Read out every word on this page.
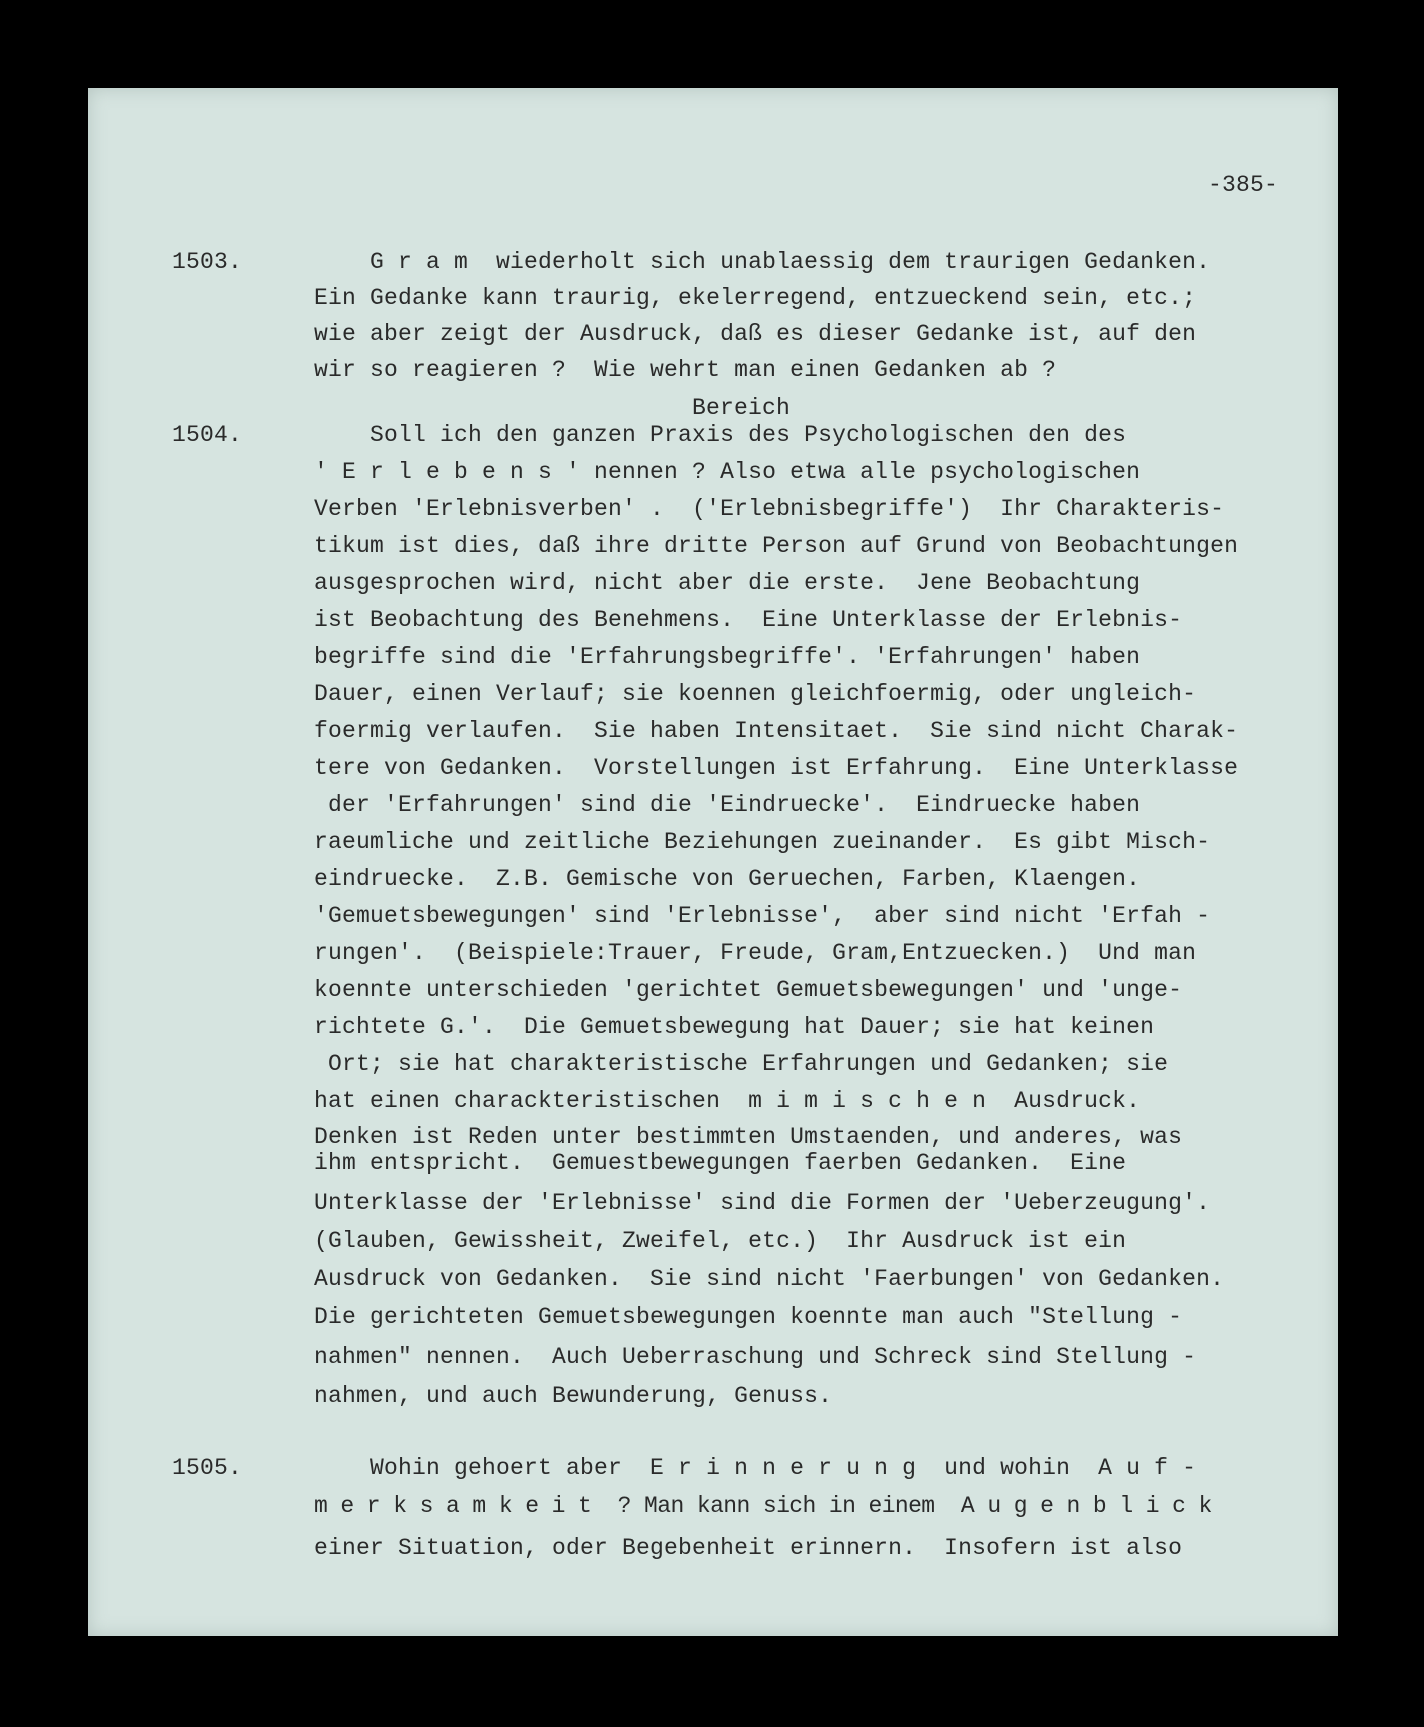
-385-
1503.	G r a m  wiederholt sich unablaessig dem traurigen Gedanken.
Ein Gedanke kann traurig, ekelerregend, entzueckend sein, etc.;
wie aber zeigt der Ausdruck, daß es dieser Gedanke ist, auf den
wir so reagieren ?  Wie wehrt man einen Gedanken ab ?
Bereich
1504.	Soll ich den ganzen Praxis des Psychologischen den des
' E r l e b e n s ' nennen ? Also etwa alle psychologischen
Verben 'Erlebnisverben' .  ('Erlebnisbegriffe')  Ihr Charakteris-
tikum ist dies, daß ihre dritte Person auf Grund von Beobachtungen
ausgesprochen wird, nicht aber die erste.  Jene Beobachtung
ist Beobachtung des Benehmens.  Eine Unterklasse der Erlebnis-
begriffe sind die 'Erfahrungsbegriffe'. 'Erfahrungen' haben
Dauer, einen Verlauf; sie koennen gleichfoermig, oder ungleich-
foermig verlaufen.  Sie haben Intensitaet.  Sie sind nicht Charak-
tere von Gedanken.  Vorstellungen ist Erfahrung.  Eine Unterklasse
der 'Erfahrungen' sind die 'Eindruecke'.  Eindruecke haben
raeumliche und zeitliche Beziehungen zueinander.  Es gibt Misch-
eindruecke.  Z.B. Gemische von Geruechen, Farben, Klaengen.
'Gemuetsbewegungen' sind 'Erlebnisse',  aber sind nicht 'Erfah -
rungen'.  (Beispiele:Trauer, Freude, Gram,Entzuecken.)  Und man
koennte unterschieden 'gerichtet Gemuetsbewegungen' und 'unge-
richtete G.'.  Die Gemuetsbewegung hat Dauer; sie hat keinen
Ort; sie hat charakteristische Erfahrungen und Gedanken; sie
hat einen charackteristischen  m i m i s c h e n  Ausdruck.
Denken ist Reden unter bestimmten Umstaenden, und anderes, was
ihm entspricht.  Gemuestbewegungen faerben Gedanken.  Eine
Unterklasse der 'Erlebnisse' sind die Formen der 'Ueberzeugung'.
(Glauben, Gewissheit, Zweifel, etc.)  Ihr Ausdruck ist ein
Ausdruck von Gedanken.  Sie sind nicht 'Faerbungen' von Gedanken.
Die gerichteten Gemuetsbewegungen koennte man auch "Stellung -
nahmen" nennen.  Auch Ueberraschung und Schreck sind Stellung -
nahmen, und auch Bewunderung, Genuss.
1505.	Wohin gehoert aber  E r i n n e r u n g  und wohin  A u f -
m e r k s a m k e i t  ? Man kann sich in einem  A u g e n b l i c k
einer Situation, oder Begebenheit erinnern.  Insofern ist also
